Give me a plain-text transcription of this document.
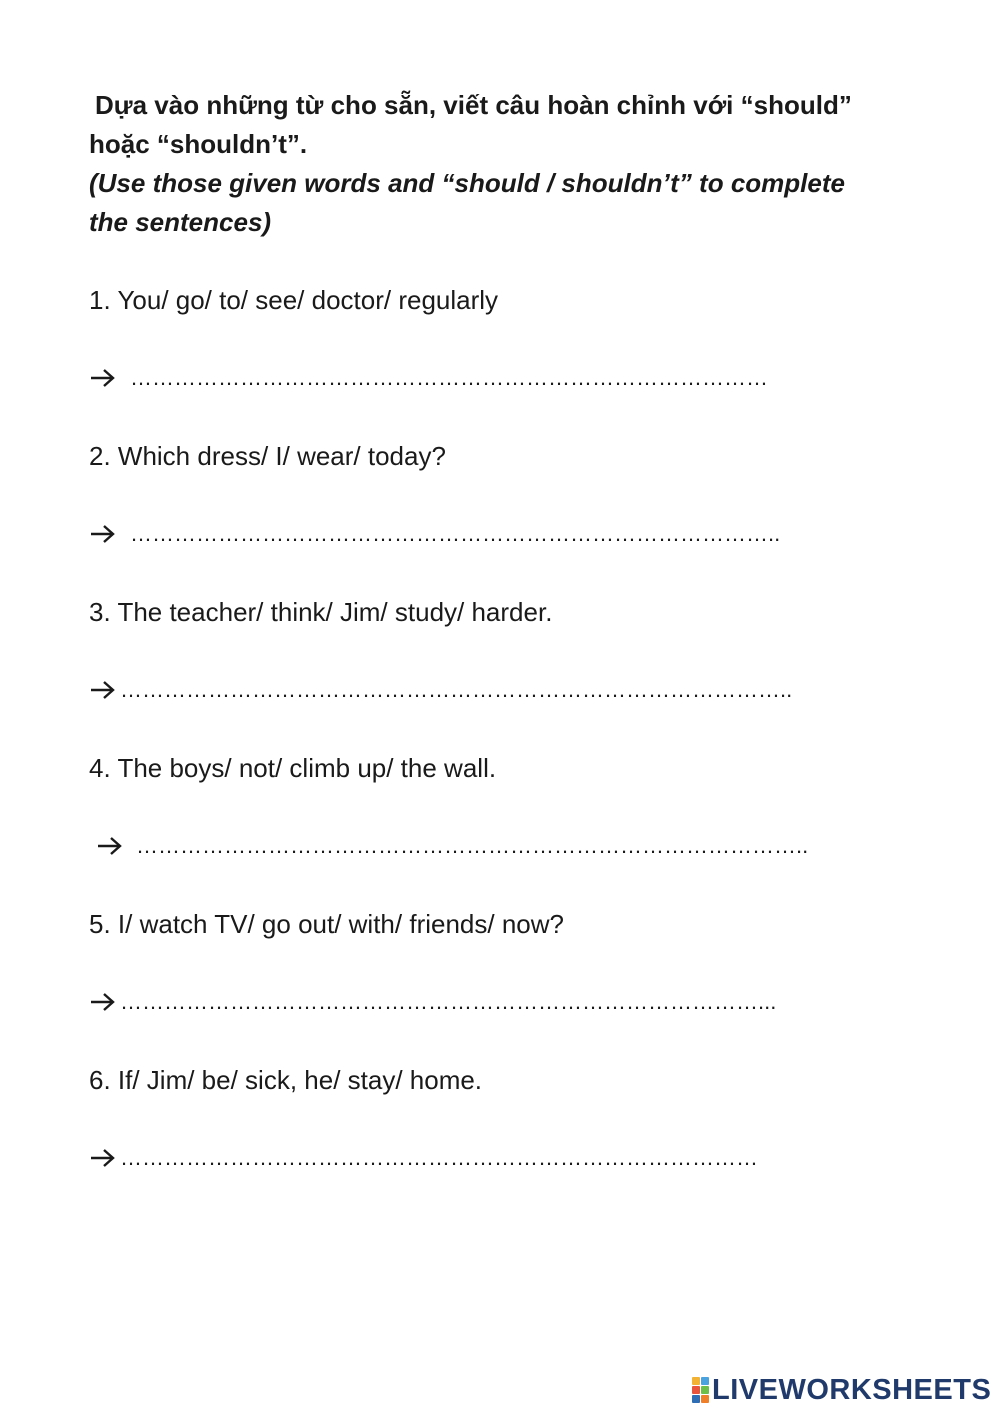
Dựa vào những từ cho sẵn, viết câu hoàn chỉnh với “should”
hoặc “shouldn’t”.
(Use those given words and “should / shouldn’t” to complete
the sentences)
1. You/ go/ to/ see/ doctor/ regularly
……………………………………………………………………………
2. Which dress/ I/ wear/ today?
……………………………………………………………………………..
3. The teacher/ think/ Jim/ study/ harder.
………………………………………………………………………………..
4. The boys/ not/ climb up/ the wall.
………………………………………………………………………………..
5. I/ watch TV/ go out/ with/ friends/ now?
……………………………………………………………………………...
6. If/ Jim/ be/ sick, he/ stay/ home.
……………………………………………………………………………
LIVEWORKSHEETS
